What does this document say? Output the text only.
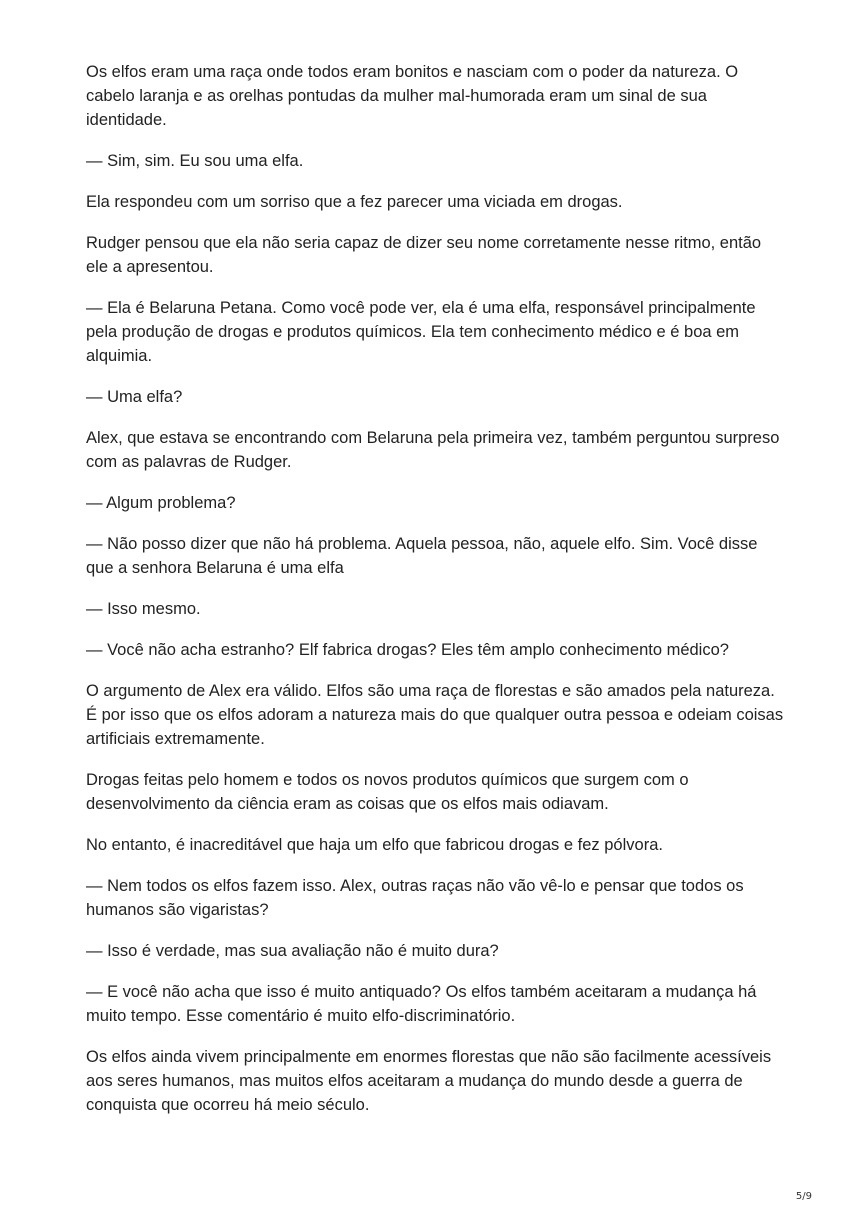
Os elfos eram uma raça onde todos eram bonitos e nasciam com o poder da natureza. O cabelo laranja e as orelhas pontudas da mulher mal-humorada eram um sinal de sua identidade.

— Sim, sim. Eu sou uma elfa.

Ela respondeu com um sorriso que a fez parecer uma viciada em drogas.

Rudger pensou que ela não seria capaz de dizer seu nome corretamente nesse ritmo, então ele a apresentou.

— Ela é Belaruna Petana. Como você pode ver, ela é uma elfa, responsável principalmente pela produção de drogas e produtos químicos. Ela tem conhecimento médico e é boa em alquimia.

— Uma elfa?

Alex, que estava se encontrando com Belaruna pela primeira vez, também perguntou surpreso com as palavras de Rudger.

— Algum problema?

— Não posso dizer que não há problema. Aquela pessoa, não, aquele elfo. Sim. Você disse que a senhora Belaruna é uma elfa

— Isso mesmo.

— Você não acha estranho? Elf fabrica drogas? Eles têm amplo conhecimento médico?

O argumento de Alex era válido. Elfos são uma raça de florestas e são amados pela natureza. É por isso que os elfos adoram a natureza mais do que qualquer outra pessoa e odeiam coisas artificiais extremamente.

Drogas feitas pelo homem e todos os novos produtos químicos que surgem com o desenvolvimento da ciência eram as coisas que os elfos mais odiavam.

No entanto, é inacreditável que haja um elfo que fabricou drogas e fez pólvora.

— Nem todos os elfos fazem isso. Alex, outras raças não vão vê-lo e pensar que todos os humanos são vigaristas?

— Isso é verdade, mas sua avaliação não é muito dura?

— E você não acha que isso é muito antiquado? Os elfos também aceitaram a mudança há muito tempo. Esse comentário é muito elfo-discriminatório.

Os elfos ainda vivem principalmente em enormes florestas que não são facilmente acessíveis aos seres humanos, mas muitos elfos aceitaram a mudança do mundo desde a guerra de conquista que ocorreu há meio século.

5/9
